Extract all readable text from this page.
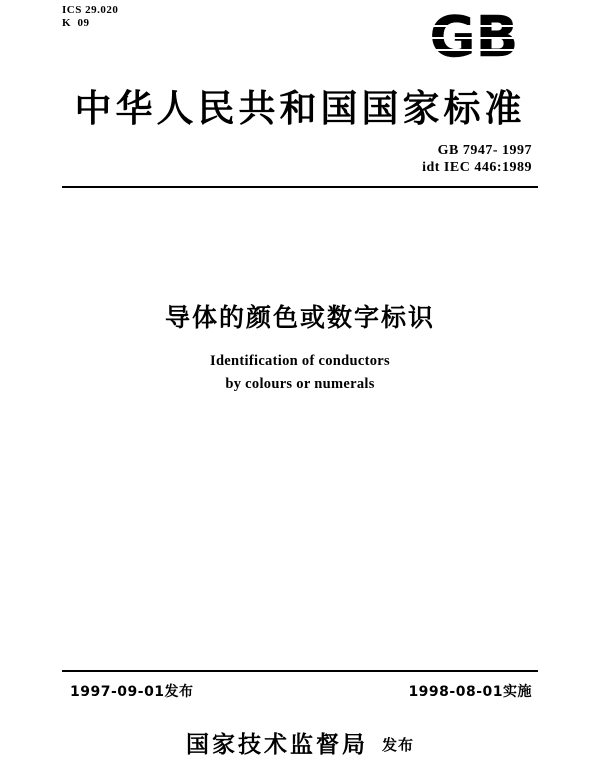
ICS 29.020
K  09	GB
中华人民共和国国家标准
GB 7947- 1997
idt IEC 446:1989
导体的颜色或数字标识
Identification of conductors
by colours or numerals
1997-09-01发布	1998-08-01实施
国家技术监督局 发布
